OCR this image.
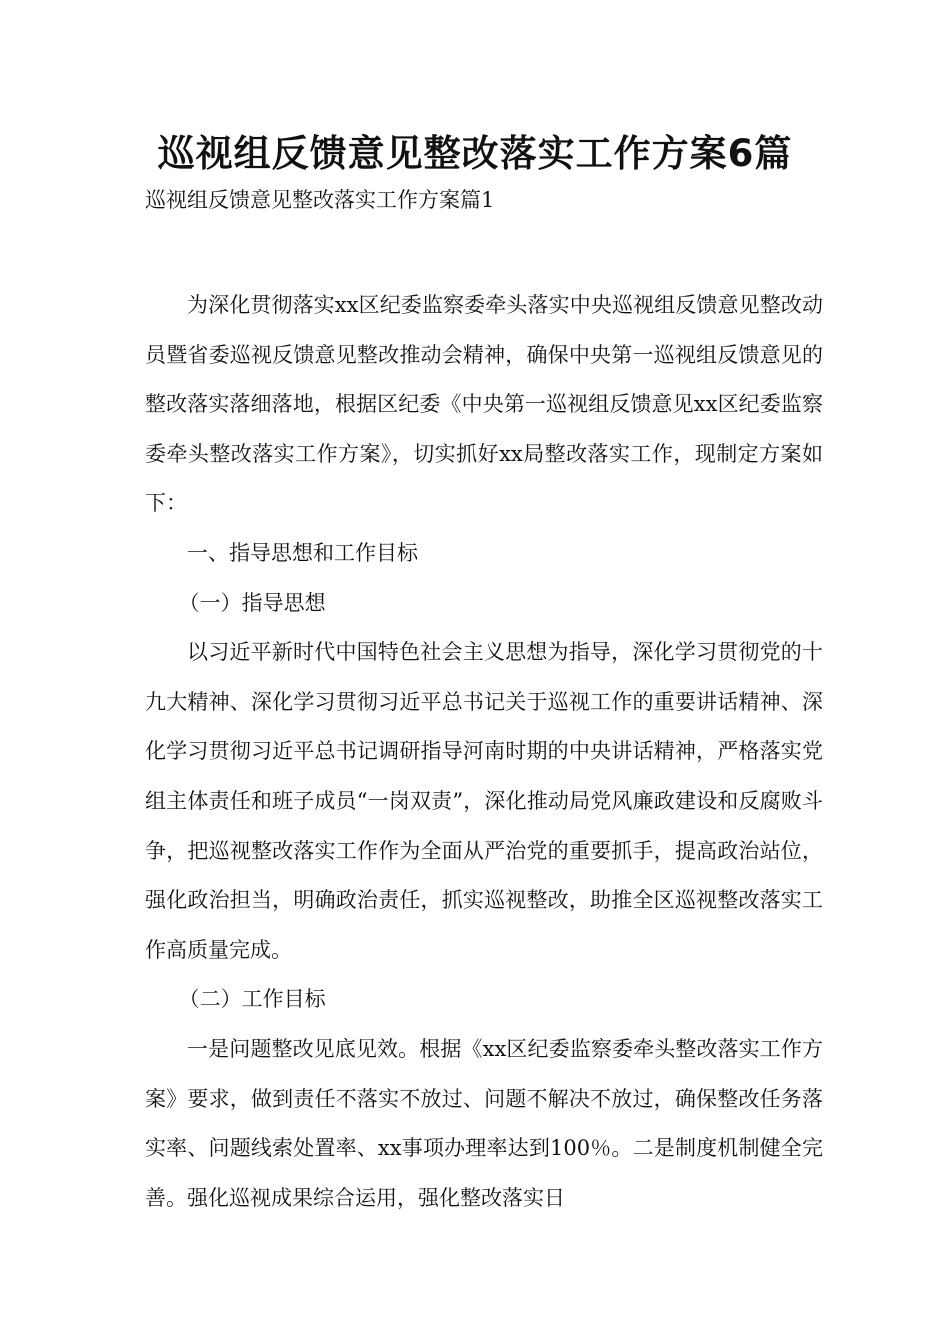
巡视组反馈意见整改落实工作方案6篇

巡视组反馈意见整改落实工作方案篇1

为深化贯彻落实xx区纪委监察委牵头落实中央巡视组反馈意见整改动员暨省委巡视反馈意见整改推动会精神，确保中央第一巡视组反馈意见的整改落实落细落地，根据区纪委《中央第一巡视组反馈意见xx区纪委监察委牵头整改落实工作方案》，切实抓好xx局整改落实工作，现制定方案如下：

一、指导思想和工作目标

（一）指导思想

以习近平新时代中国特色社会主义思想为指导，深化学习贯彻党的十九大精神、深化学习贯彻习近平总书记关于巡视工作的重要讲话精神、深化学习贯彻习近平总书记调研指导河南时期的中央讲话精神，严格落实党组主体责任和班子成员“一岗双责”，深化推动局党风廉政建设和反腐败斗争，把巡视整改落实工作作为全面从严治党的重要抓手，提高政治站位，强化政治担当，明确政治责任，抓实巡视整改，助推全区巡视整改落实工作高质量完成。

（二）工作目标

一是问题整改见底见效。根据《xx区纪委监察委牵头整改落实工作方案》要求，做到责任不落实不放过、问题不解决不放过，确保整改任务落实率、问题线索处置率、xx事项办理率达到100％。二是制度机制健全完善。强化巡视成果综合运用，强化整改落实日
